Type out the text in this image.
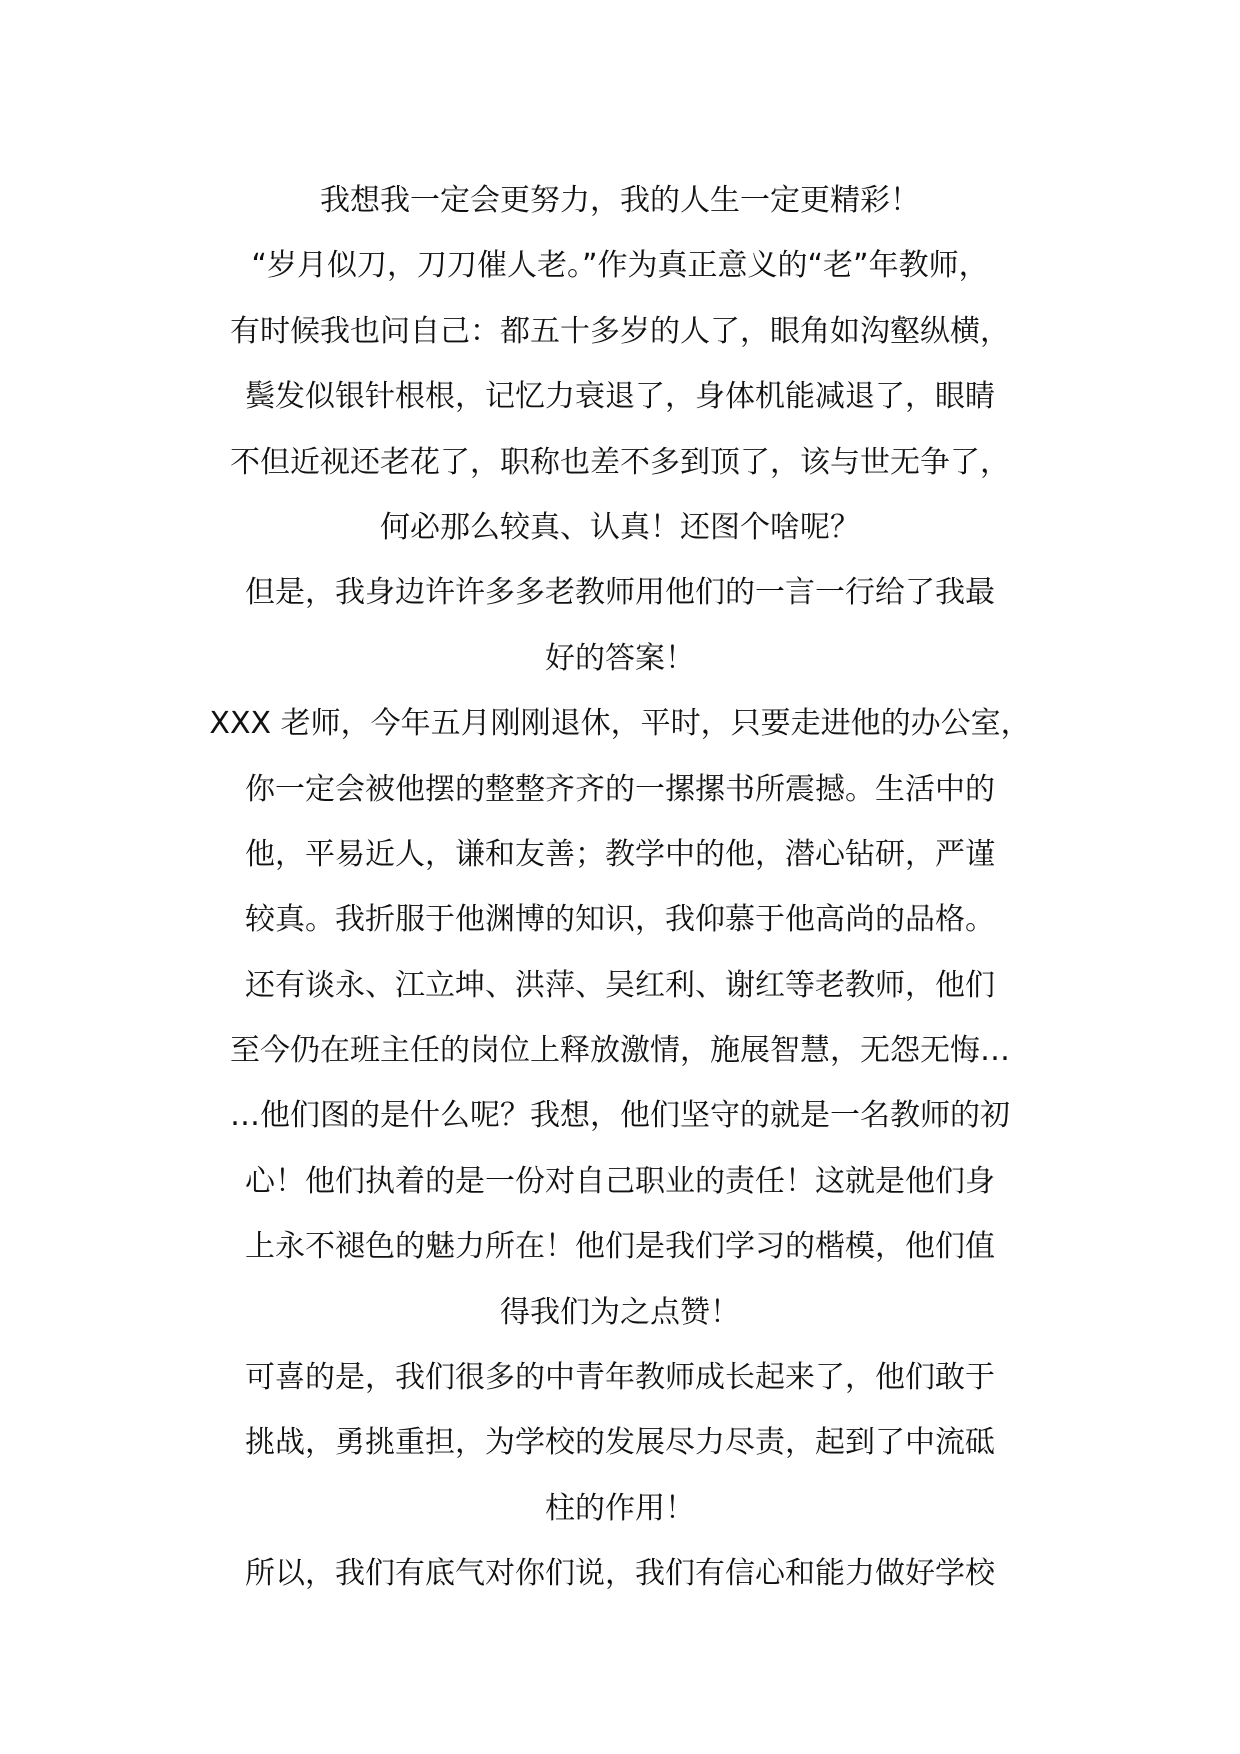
我想我一定会更努力，我的人生一定更精彩！
“岁月似刀，刀刀催人老。”作为真正意义的“老”年教师，
有时候我也问自己：都五十多岁的人了，眼角如沟壑纵横，
鬓发似银针根根，记忆力衰退了，身体机能减退了，眼睛
不但近视还老花了，职称也差不多到顶了，该与世无争了，
何必那么较真、认真！还图个啥呢？
但是，我身边许许多多老教师用他们的一言一行给了我最
好的答案！
XXX 老师，今年五月刚刚退休，平时，只要走进他的办公室，
你一定会被他摆的整整齐齐的一摞摞书所震撼。生活中的
他，平易近人，谦和友善；教学中的他，潜心钻研，严谨
较真。我折服于他渊博的知识，我仰慕于他高尚的品格。
还有谈永、江立坤、洪萍、吴红利、谢红等老教师，他们
至今仍在班主任的岗位上释放激情，施展智慧，无怨无悔…
…他们图的是什么呢？我想，他们坚守的就是一名教师的初
心！他们执着的是一份对自己职业的责任！这就是他们身
上永不褪色的魅力所在！他们是我们学习的楷模，他们值
得我们为之点赞！
可喜的是，我们很多的中青年教师成长起来了，他们敢于
挑战，勇挑重担，为学校的发展尽力尽责，起到了中流砥
柱的作用！
所以，我们有底气对你们说，我们有信心和能力做好学校
